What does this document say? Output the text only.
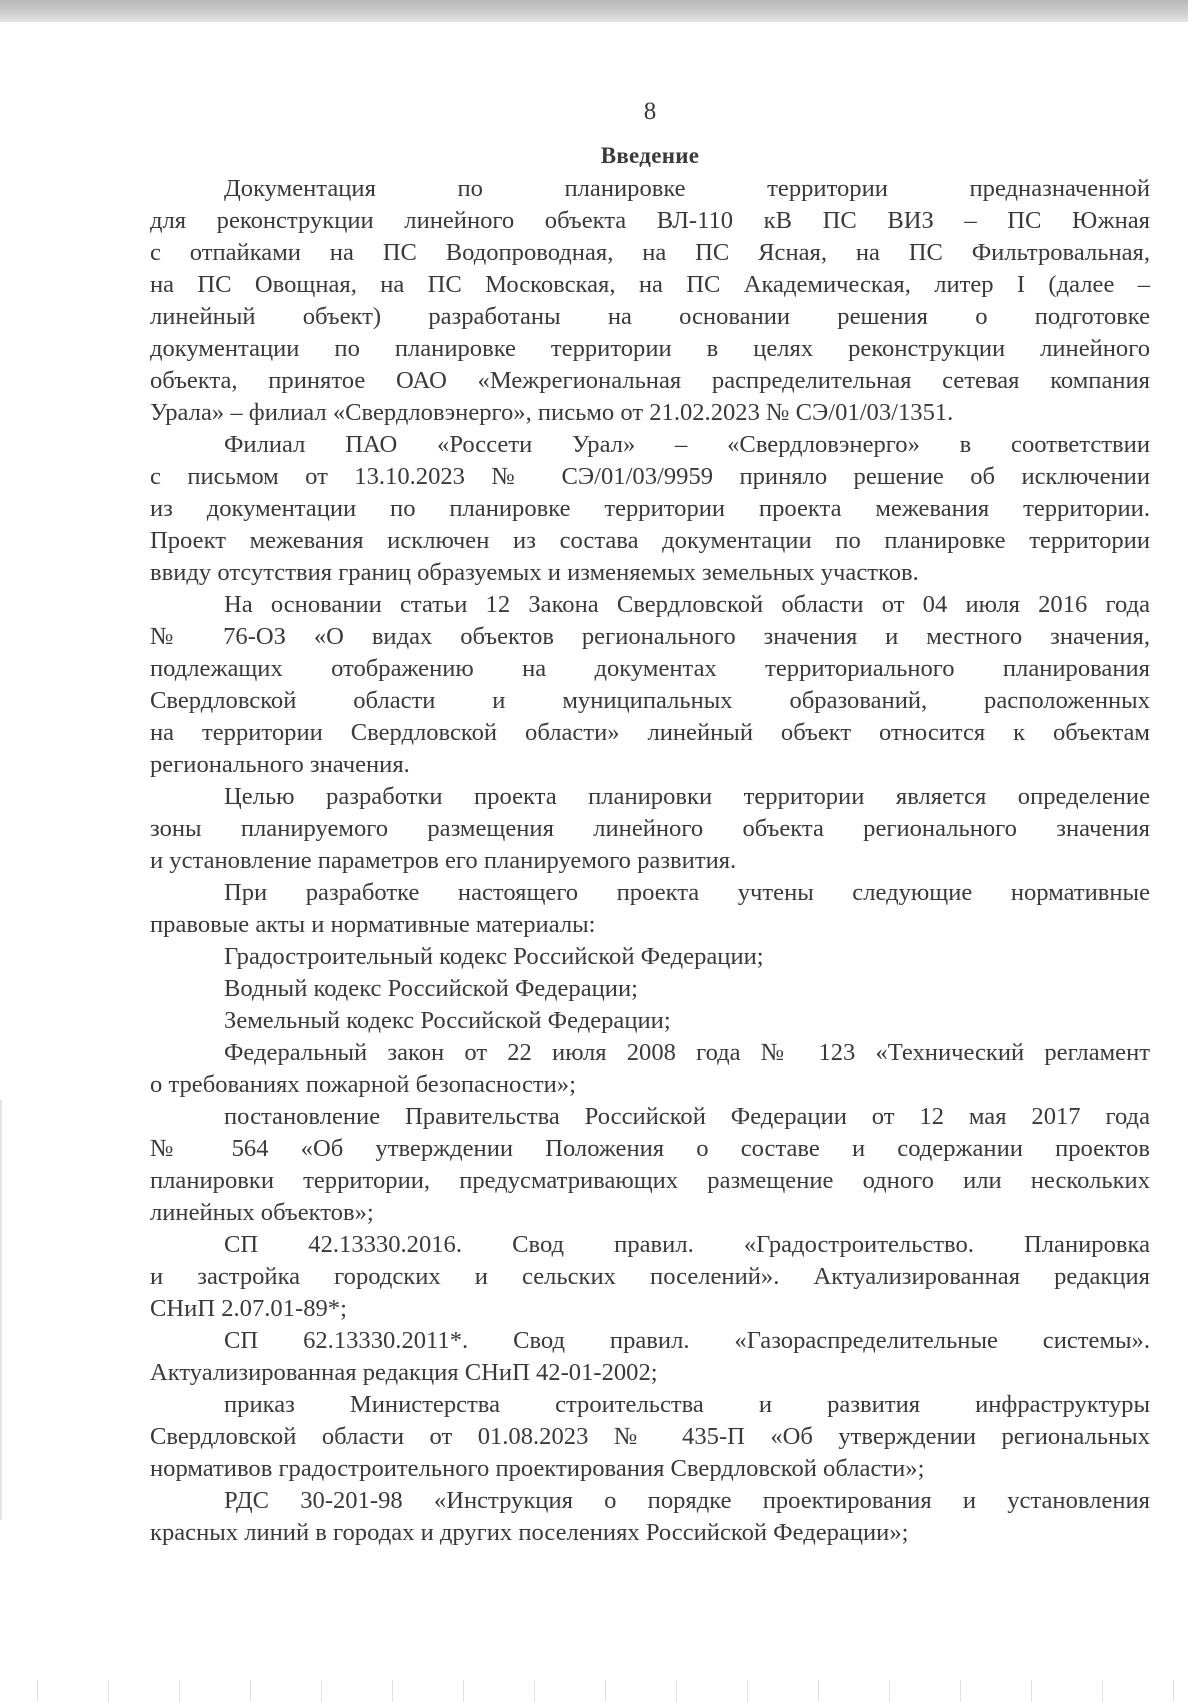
8
Введение
Документация по планировке территории предназначенной
для реконструкции линейного объекта ВЛ-110 кВ ПС ВИЗ – ПС Южная
с отпайками на ПС Водопроводная, на ПС Ясная, на ПС Фильтровальная,
на ПС Овощная, на ПС Московская, на ПС Академическая, литер I (далее –
линейный объект) разработаны на основании решения о подготовке
документации по планировке территории в целях реконструкции линейного
объекта, принятое ОАО «Межрегиональная распределительная сетевая компания
Урала» – филиал «Свердловэнерго», письмо от 21.02.2023 № СЭ/01/03/1351.
Филиал ПАО «Россети Урал» – «Свердловэнерго» в соответствии
с письмом от 13.10.2023 № СЭ/01/03/9959 приняло решение об исключении
из документации по планировке территории проекта межевания территории.
Проект межевания исключен из состава документации по планировке территории
ввиду отсутствия границ образуемых и изменяемых земельных участков.
На основании статьи 12 Закона Свердловской области от 04 июля 2016 года
№ 76-ОЗ «О видах объектов регионального значения и местного значения,
подлежащих отображению на документах территориального планирования
Свердловской области и муниципальных образований, расположенных
на территории Свердловской области» линейный объект относится к объектам
регионального значения.
Целью разработки проекта планировки территории является определение
зоны планируемого размещения линейного объекта регионального значения
и установление параметров его планируемого развития.
При разработке настоящего проекта учтены следующие нормативные
правовые акты и нормативные материалы:
Градостроительный кодекс Российской Федерации;
Водный кодекс Российской Федерации;
Земельный кодекс Российской Федерации;
Федеральный закон от 22 июля 2008 года № 123 «Технический регламент
о требованиях пожарной безопасности»;
постановление Правительства Российской Федерации от 12 мая 2017 года
№ 564 «Об утверждении Положения о составе и содержании проектов
планировки территории, предусматривающих размещение одного или нескольких
линейных объектов»;
СП 42.13330.2016. Свод правил. «Градостроительство. Планировка
и застройка городских и сельских поселений». Актуализированная редакция
СНиП 2.07.01-89*;
СП 62.13330.2011*. Свод правил. «Газораспределительные системы».
Актуализированная редакция СНиП 42-01-2002;
приказ Министерства строительства и развития инфраструктуры
Свердловской области от 01.08.2023 № 435-П «Об утверждении региональных
нормативов градостроительного проектирования Свердловской области»;
РДС 30-201-98 «Инструкция о порядке проектирования и установления
красных линий в городах и других поселениях Российской Федерации»;
